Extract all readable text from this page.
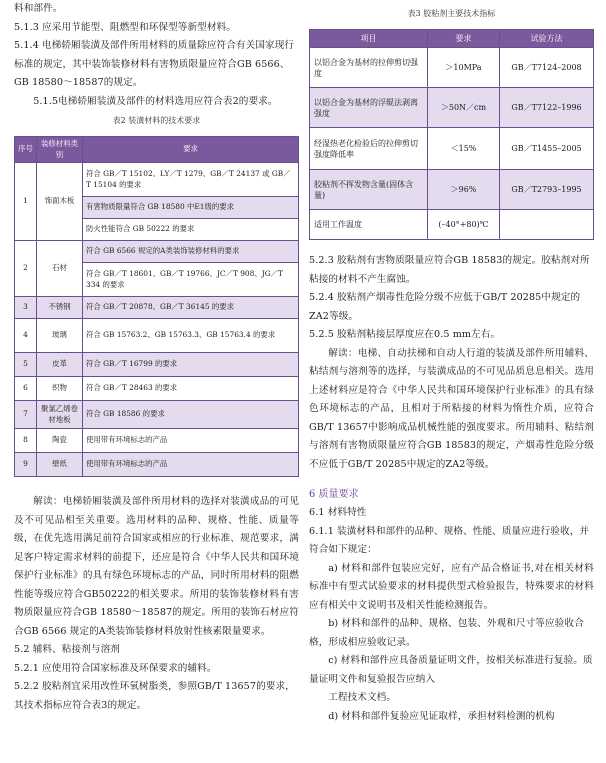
料和部件。
5.1.3 应采用节能型、阻燃型和环保型等新型材料。
5.1.4 电梯轿厢装潢及部件所用材料的质量除应符合有关国家现行标准的规定，其中装饰装修材料有害物质限量应符合GB 6566、GB 18580～18587的规定。
5.1.5电梯轿厢装潢及部件的材料选用应符合表2的要求。
表2 装潢材料的技术要求
序号	装修材料类别	要求
1	饰面木板	符合 GB／T 15102、LY／T 1279、GB／T 24137 或 GB／T 15104 的要求
		有害物质限量符合 GB 18580 中E1级的要求
		防火性能符合 GB 50222 的要求
2	石材	符合 GB 6566 规定的A类装饰装修材料的要求
		符合 GB／T 18601、GB／T 19766、JC／T 908、JG／T 334 的要求
3	不锈钢	符合 GB／T 20878、GB／T 36145 的要求
4	玻璃	符合 GB 15763.2、GB 15763.3、GB 15763.4 的要求
5	皮革	符合 GB／T 16799 的要求
6	织物	符合 GB／T 28463 的要求
7	聚氯乙烯卷材地板	符合 GB 18586 的要求
8	陶瓷	使用带有环境标志的产品
9	壁纸	使用带有环境标志的产品
解读：电梯轿厢装潢及部件所用材料的选择对装潢成品的可见及不可见品相至关重要。选用材料的品种、规格、性能、质量等级，在优先选用满足前符合国家或相应的行业标准、规范要求，满足客户特定需求材料的前提下，还应是符合《中华人民共和国环境保护行业标准》的具有绿色环境标志的产品，同时所用材料的阻燃性能等级应符合GB50222的相关要求。所用的装饰装修材料有害物质限量应符合GB 18580～18587的规定。所用的装饰石材应符合GB 6566 规定的A类装饰装修材料放射性核素限量要求。
5.2 辅料、粘接剂与溶剂
5.2.1 应使用符合国家标准及环保要求的辅料。
5.2.2 胶粘剂宜采用改性环氧树脂类，参照GB/T 13657的要求，其技术指标应符合表3的规定。
表3 胶粘剂主要技术指标
项目	要求	试验方法
以铝合金为基材的拉伸剪切强度	＞10MPa	GB／T7124–2008
以铝合金为基材的浮辊法剥离强度	＞50N／cm	GB／T7122–1996
经湿热老化检验后的拉伸剪切强度降低率	＜15%	GB／T1455–2005
胶粘剂不挥发物含量(固体含量)	＞96%	GB／T2793–1995
适用工作温度	(–40°+80)℃	
5.2.3 胶粘剂有害物质限量应符合GB 18583的规定。胶粘剂对所粘接的材料不产生腐蚀。
5.2.4 胶粘剂产烟毒性危险分级不应低于GB/T 20285中规定的ZA2等级。
5.2.5 胶粘剂粘接层厚度应在0.5 mm左右。
解读：电梯、自动扶梯和自动人行道的装潢及部件所用辅料、粘结剂与溶剂等的选择，与装潢成品的不可见品质息息相关。选用上述材料应是符合《中华人民共和国环境保护行业标准》的具有绿色环境标志的产品，且相对于所粘接的材料为惰性介质，应符合GB/T 13657中影响成品机械性能的强度要求。所用辅料、粘结剂与溶剂有害物质限量应符合GB 18583的规定，产烟毒性危险分级不应低于GB/T 20285中规定的ZA2等级。
6 质量要求
6.1 材料特性
6.1.1 装潢材料和部件的品种、规格、性能、质量应进行验收，并符合如下规定：
a) 材料和部件包装应完好，应有产品合格证书,对在相关材料标准中有型式试验要求的材料提供型式检验报告，特殊要求的材料应有相关中文说明书及相关性能检测报告。
b) 材料和部件的品种、规格、包装、外观和尺寸等应验收合格，形成相应验收记录。
c) 材料和部件应具备质量证明文件，按相关标准进行复验。质量证明文件和复验报告应纳入
工程技术文档。
d) 材料和部件复验应见证取样，承担材料检测的机构
